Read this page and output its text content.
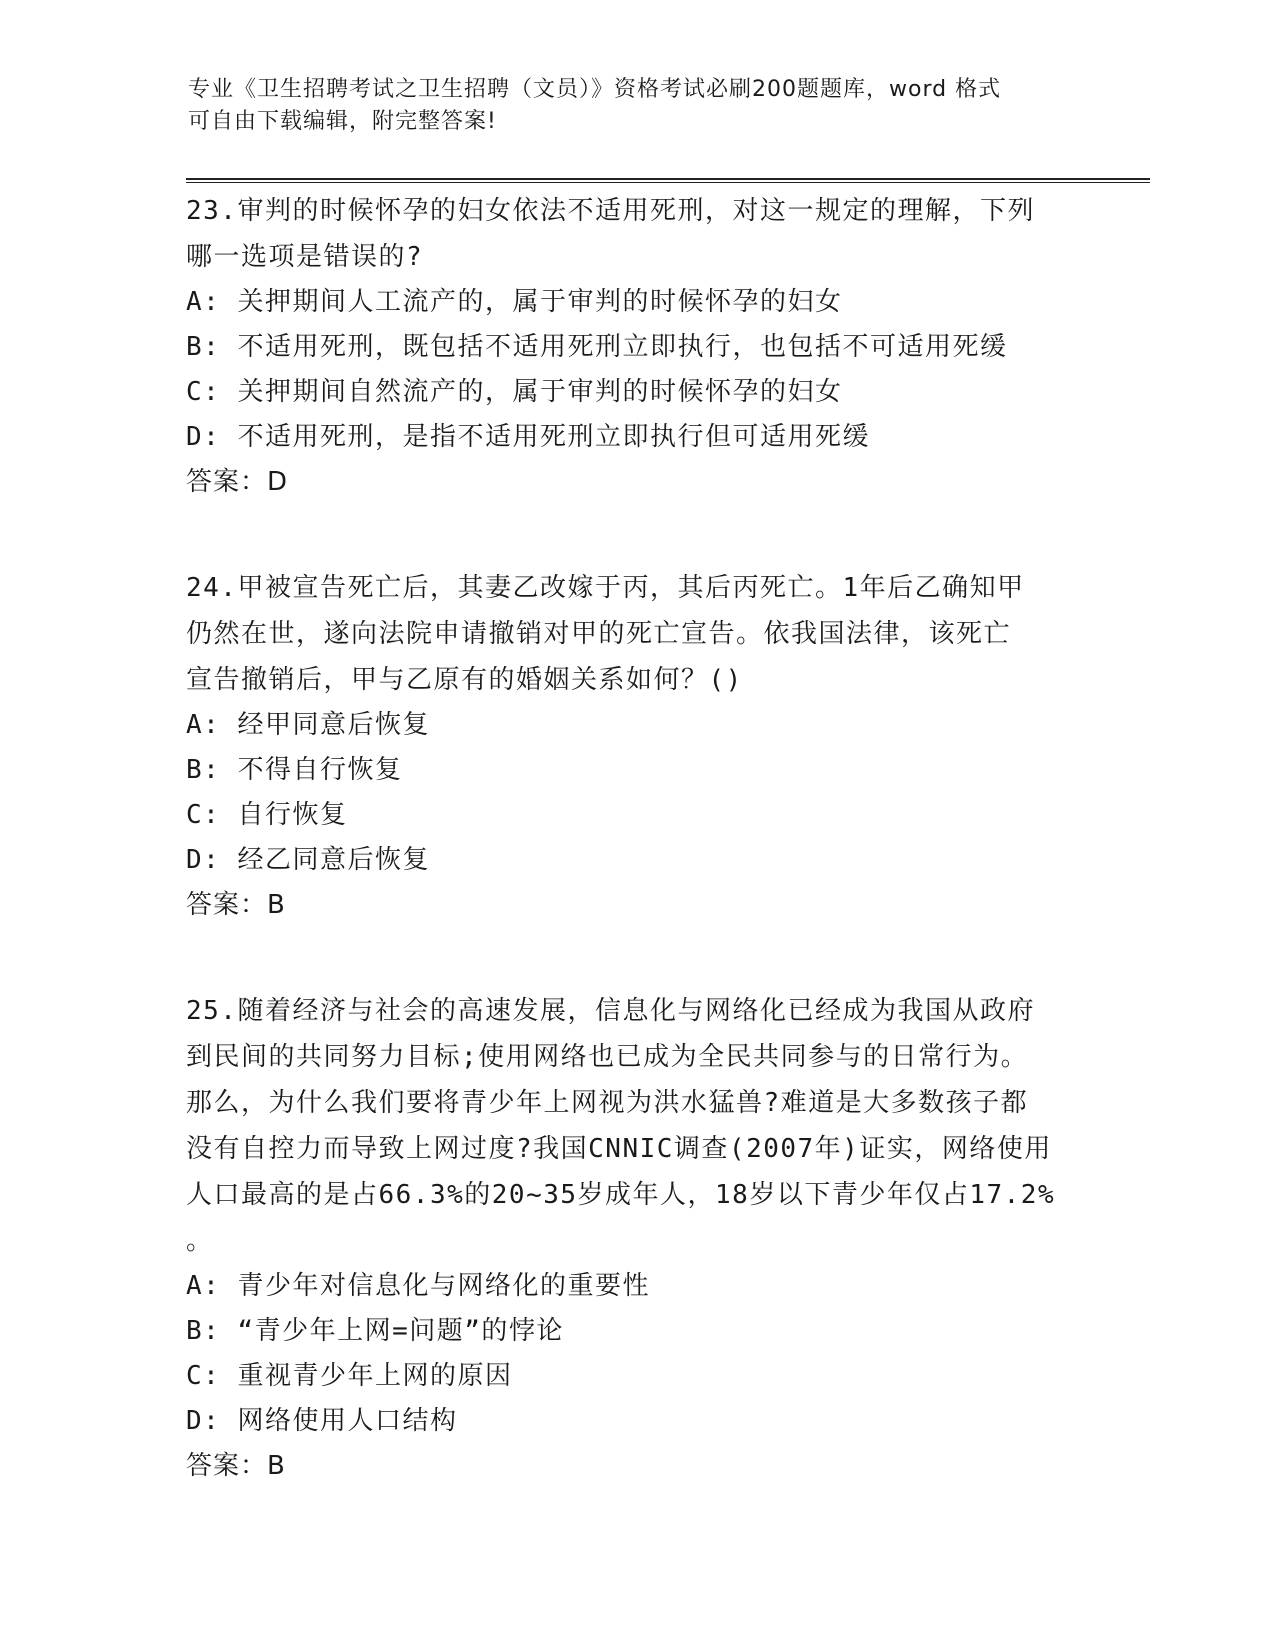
专业《卫生招聘考试之卫生招聘（文员）》资格考试必刷200题题库，word 格式
可自由下载编辑，附完整答案!

23.审判的时候怀孕的妇女依法不适用死刑，对这一规定的理解，下列

哪一选项是错误的?

A: 关押期间人工流产的，属于审判的时候怀孕的妇女

B: 不适用死刑，既包括不适用死刑立即执行，也包括不可适用死缓

C: 关押期间自然流产的，属于审判的时候怀孕的妇女

D: 不适用死刑，是指不适用死刑立即执行但可适用死缓

答案：D

24.甲被宣告死亡后，其妻乙改嫁于丙，其后丙死亡。1年后乙确知甲

仍然在世，遂向法院申请撤销对甲的死亡宣告。依我国法律，该死亡

宣告撤销后，甲与乙原有的婚姻关系如何？()

A: 经甲同意后恢复

B: 不得自行恢复

C: 自行恢复

D: 经乙同意后恢复

答案：B

25.随着经济与社会的高速发展，信息化与网络化已经成为我国从政府

到民间的共同努力目标;使用网络也已成为全民共同参与的日常行为。

那么，为什么我们要将青少年上网视为洪水猛兽?难道是大多数孩子都

没有自控力而导致上网过度?我国CNNIC调查(2007年)证实，网络使用

人口最高的是占66.3%的20~35岁成年人，18岁以下青少年仅占17.2%

。

A: 青少年对信息化与网络化的重要性

B: “青少年上网=问题”的悖论

C: 重视青少年上网的原因

D: 网络使用人口结构

答案：B
